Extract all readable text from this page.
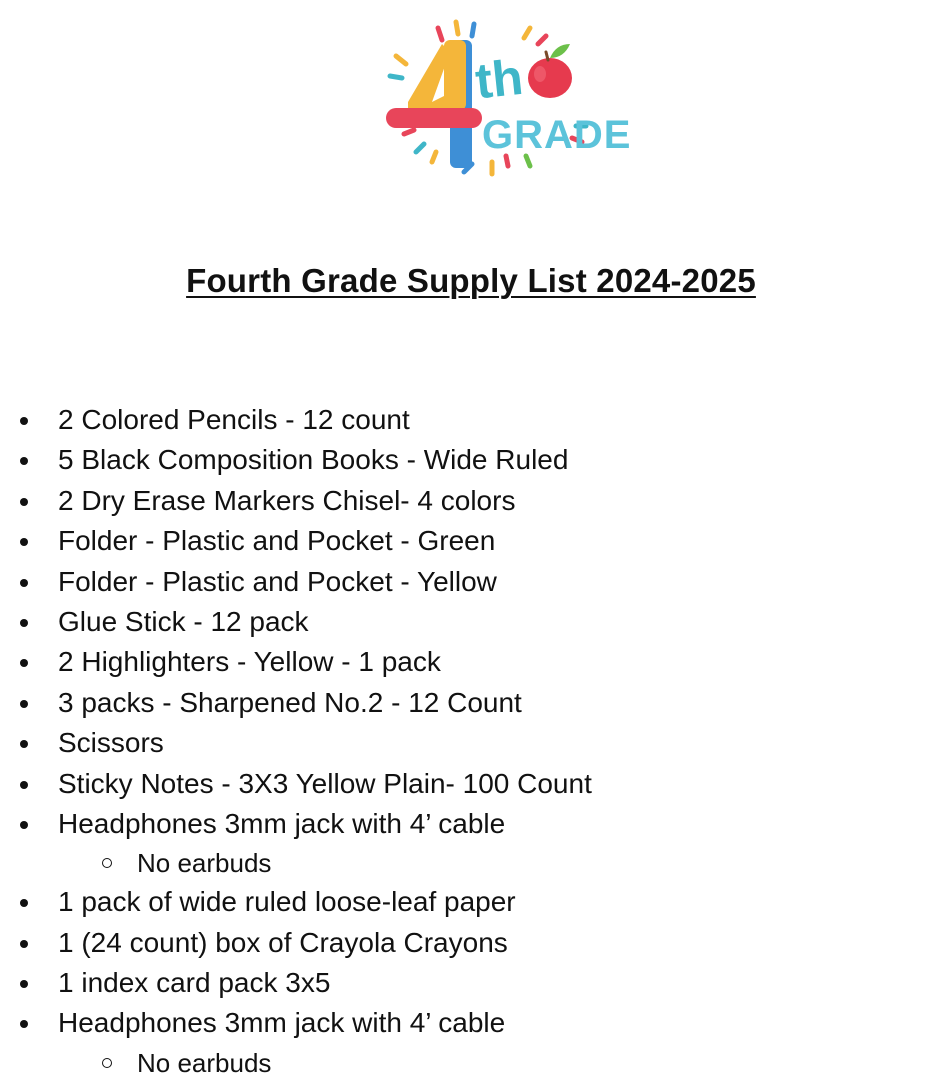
th
GRADE
Fourth Grade Supply List 2024-2025
2 Colored Pencils - 12 count
5 Black Composition Books - Wide Ruled
2 Dry Erase Markers Chisel- 4 colors
Folder - Plastic and Pocket - Green
Folder - Plastic and Pocket - Yellow
Glue Stick - 12 pack
2 Highlighters - Yellow - 1 pack
3 packs - Sharpened No.2 - 12 Count
Scissors
Sticky Notes - 3X3 Yellow Plain- 100 Count
Headphones 3mm jack with 4’ cable
No earbuds
1 pack of wide ruled loose-leaf paper
1 (24 count) box of Crayola Crayons
1 index card pack 3x5
Headphones 3mm jack with 4’ cable
No earbuds
